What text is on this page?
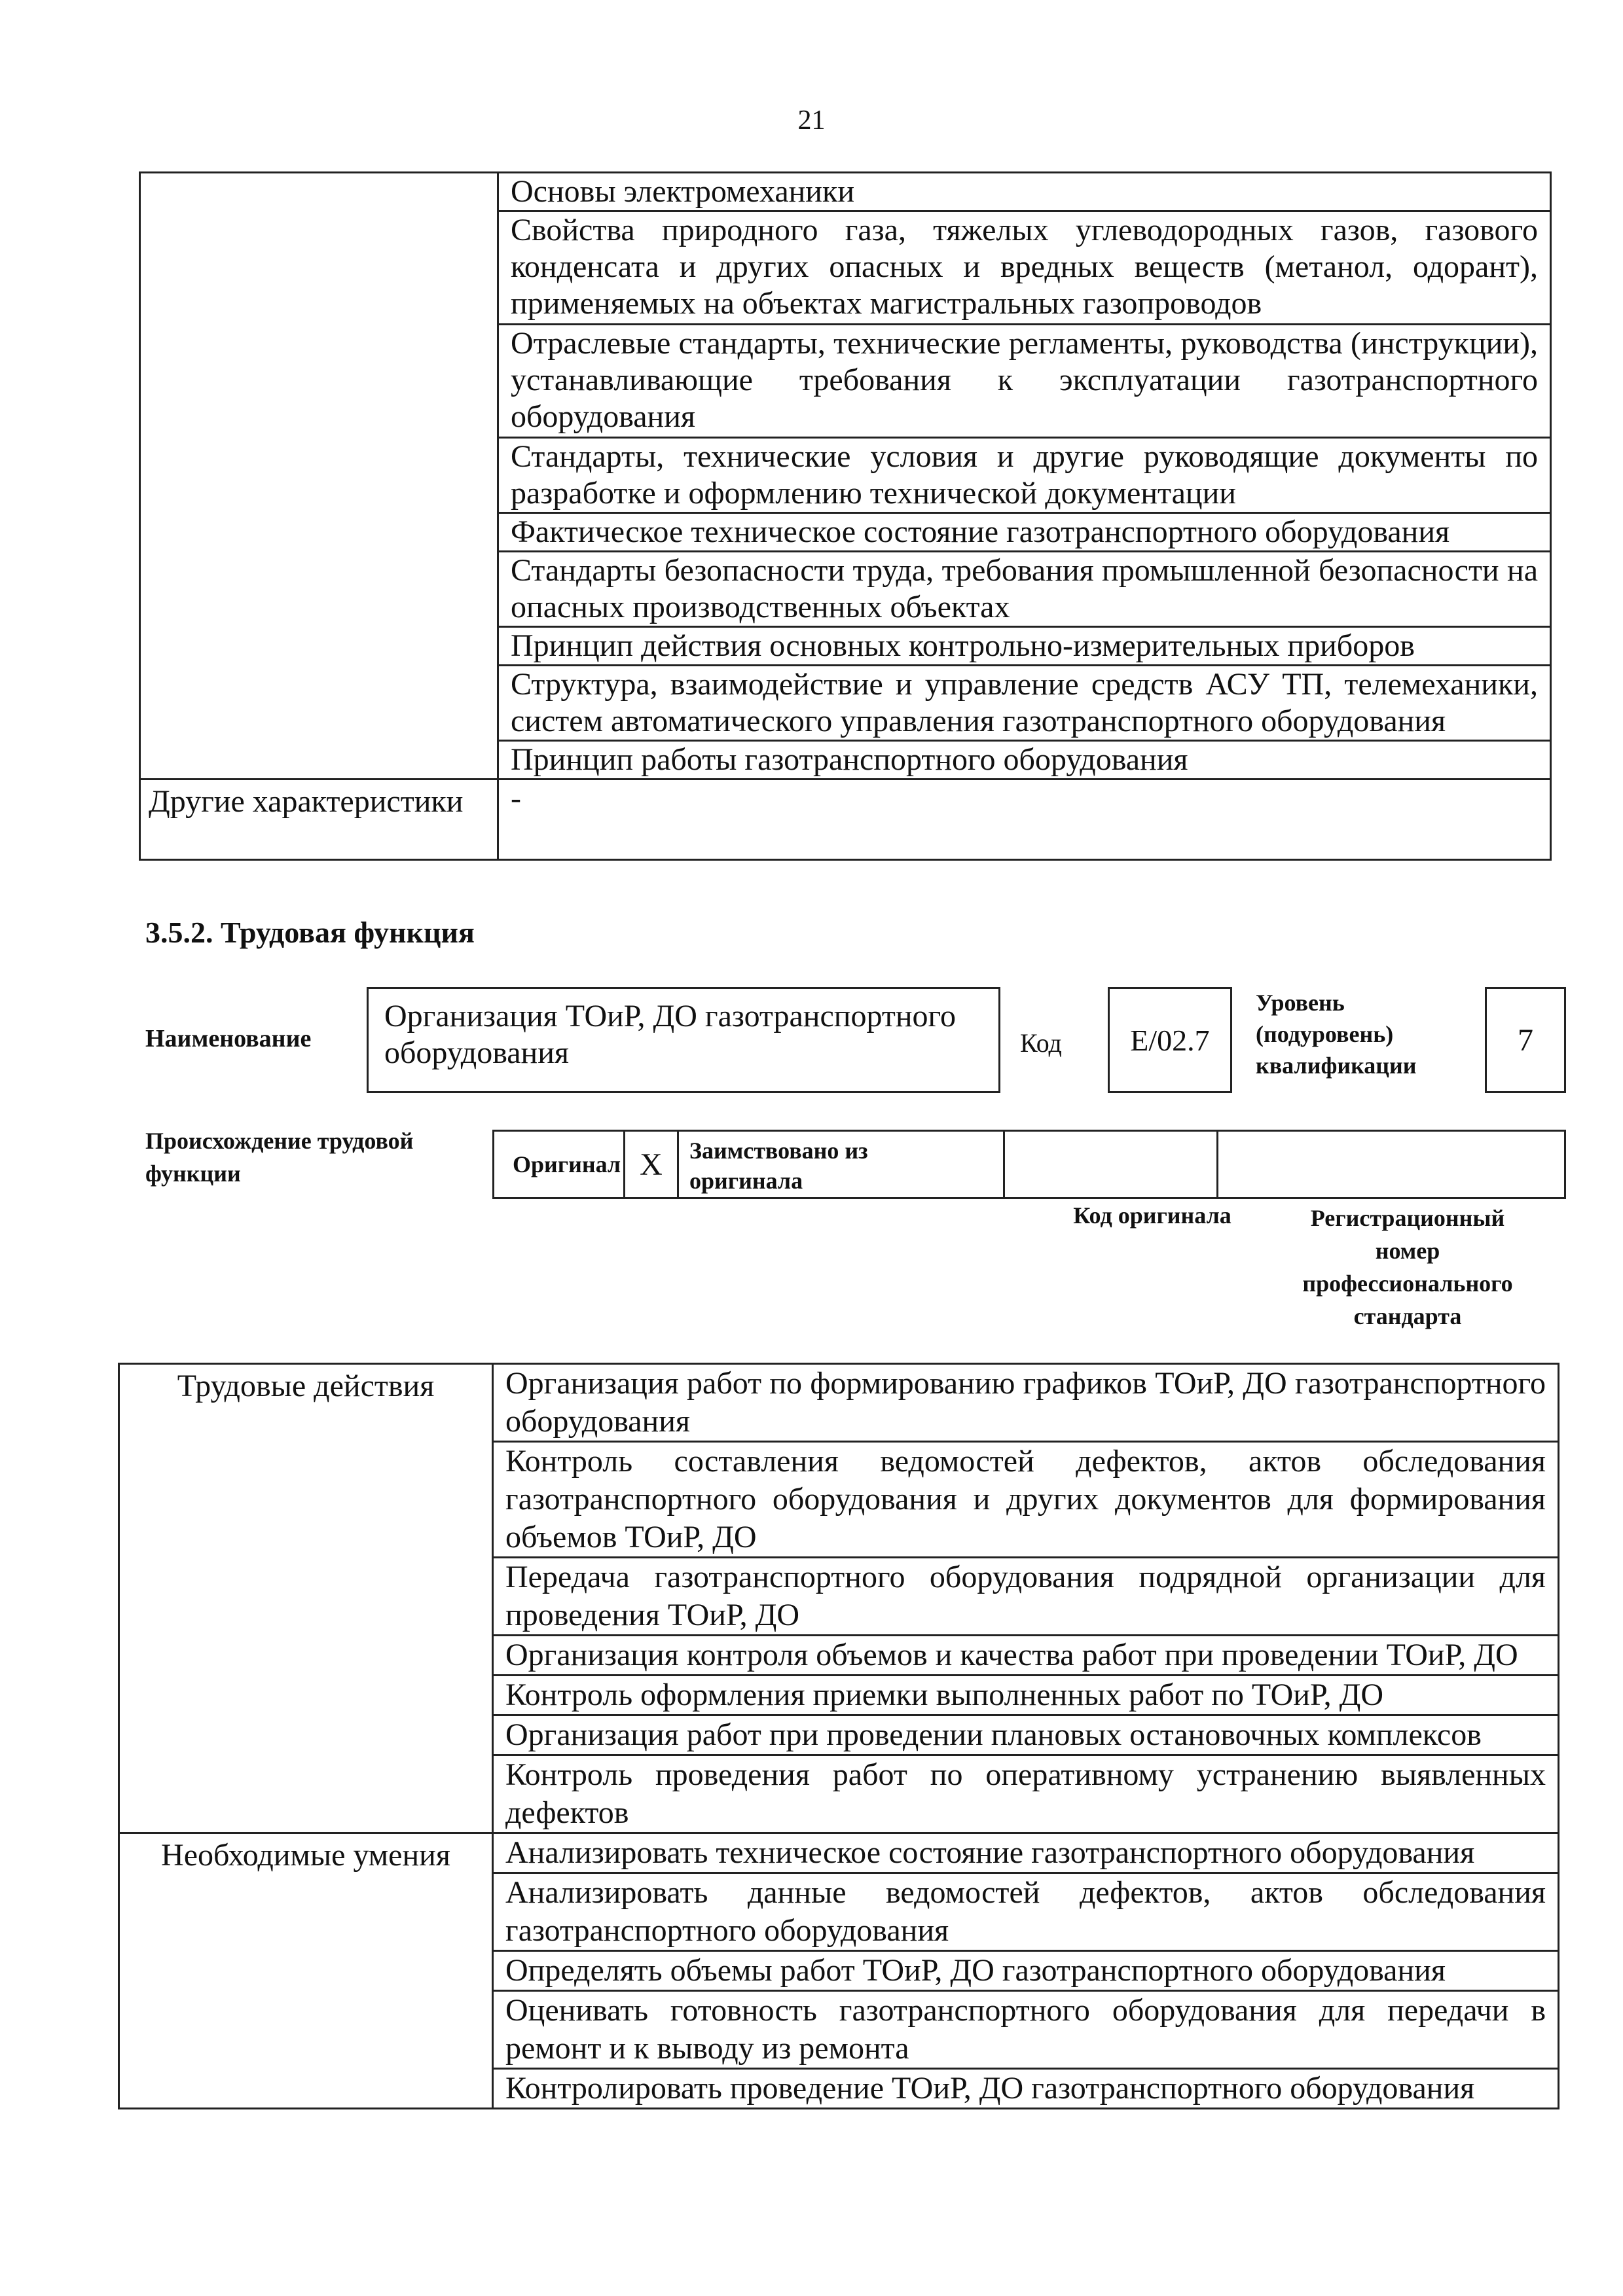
21
	Основы электромеханики
	Свойства природного газа, тяжелых углеводородных газов, газового конденсата и других опасных и вредных веществ (метанол, одорант), применяемых на объектах магистральных газопроводов
	Отраслевые стандарты, технические регламенты, руководства (инструкции), устанавливающие требования к эксплуатации газотранспортного оборудования
	Стандарты, технические условия и другие руководящие документы по разработке и оформлению технической документации
	Фактическое техническое состояние газотранспортного оборудования
	Стандарты безопасности труда, требования промышленной безопасности на опасных производственных объектах
	Принцип действия основных контрольно-измерительных приборов
	Структура, взаимодействие и управление средств АСУ ТП, телемеханики, систем автоматического управления газотранспортного оборудования
	Принцип работы газотранспортного оборудования
Другие характеристики	-
3.5.2. Трудовая функция
Наименование
Организация ТОиР, ДО газотранспортного оборудования	Код	E/02.7
Уровень
(подуровень)
квалификации
7
Происхождение трудовой
функции	Оригинал X	Заимствовано из
оригинала
Код оригинала	Регистрационный
номер
профессионального
стандарта
Трудовые действия	Организация работ по формированию графиков ТОиР, ДО газотранспортного оборудования
	Контроль составления ведомостей дефектов, актов обследования газотранспортного оборудования и других документов для формирования объемов ТОиР, ДО
	Передача газотранспортного оборудования подрядной организации для проведения ТОиР, ДО
	Организация контроля объемов и качества работ при проведении ТОиР, ДО
	Контроль оформления приемки выполненных работ по ТОиР, ДО
	Организация работ при проведении плановых остановочных комплексов
	Контроль проведения работ по оперативному устранению выявленных дефектов
Необходимые умения	Анализировать техническое состояние газотранспортного оборудования
	Анализировать данные ведомостей дефектов, актов обследования газотранспортного оборудования
	Определять объемы работ ТОиР, ДО газотранспортного оборудования
	Оценивать готовность газотранспортного оборудования для передачи в ремонт и к выводу из ремонта
	Контролировать проведение ТОиР, ДО газотранспортного оборудования
